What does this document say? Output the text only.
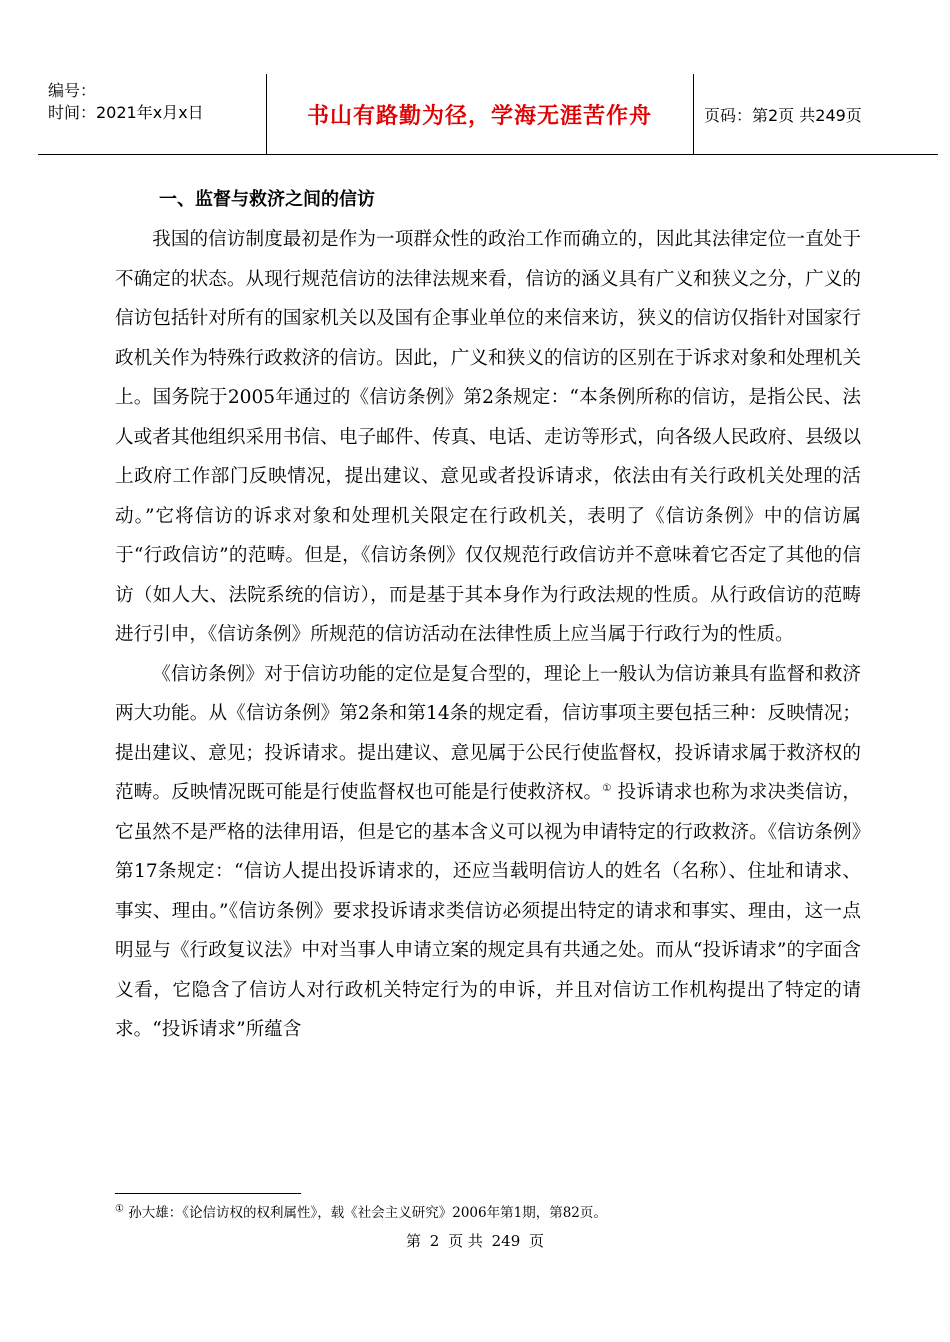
编号：
时间：2021年x月x日	书山有路勤为径，学海无涯苦作舟	页码：第2页 共249页
一、监督与救济之间的信访

我国的信访制度最初是作为一项群众性的政治工作而确立的，因此其法律定位一直处于不确定的状态。从现行规范信访的法律法规来看，信访的涵义具有广义和狭义之分，广义的信访包括针对所有的国家机关以及国有企事业单位的来信来访，狭义的信访仅指针对国家行政机关作为特殊行政救济的信访。因此，广义和狭义的信访的区别在于诉求对象和处理机关上。国务院于2005年通过的《信访条例》第2条规定：“本条例所称的信访，是指公民、法人或者其他组织采用书信、电子邮件、传真、电话、走访等形式，向各级人民政府、县级以上政府工作部门反映情况，提出建议、意见或者投诉请求，依法由有关行政机关处理的活动。”它将信访的诉求对象和处理机关限定在行政机关，表明了《信访条例》中的信访属于“行政信访”的范畴。但是，《信访条例》仅仅规范行政信访并不意味着它否定了其他的信访（如人大、法院系统的信访），而是基于其本身作为行政法规的性质。从行政信访的范畴进行引申，《信访条例》所规范的信访活动在法律性质上应当属于行政行为的性质。

《信访条例》对于信访功能的定位是复合型的，理论上一般认为信访兼具有监督和救济两大功能。从《信访条例》第2条和第14条的规定看，信访事项主要包括三种：反映情况；提出建议、意见；投诉请求。提出建议、意见属于公民行使监督权，投诉请求属于救济权的范畴。反映情况既可能是行使监督权也可能是行使救济权。① 投诉请求也称为求决类信访，它虽然不是严格的法律用语，但是它的基本含义可以视为申请特定的行政救济。《信访条例》第17条规定：“信访人提出投诉请求的，还应当载明信访人的姓名（名称）、住址和请求、事实、理由。”《信访条例》要求投诉请求类信访必须提出特定的请求和事实、理由，这一点明显与《行政复议法》中对当事人申请立案的规定具有共通之处。而从“投诉请求”的字面含义看，它隐含了信访人对行政机关特定行为的申诉，并且对信访工作机构提出了特定的请求。“投诉请求”所蕴含

① 孙大雄：《论信访权的权利属性》，载《社会主义研究》2006年第1期，第82页。
第 2 页 共 249 页
